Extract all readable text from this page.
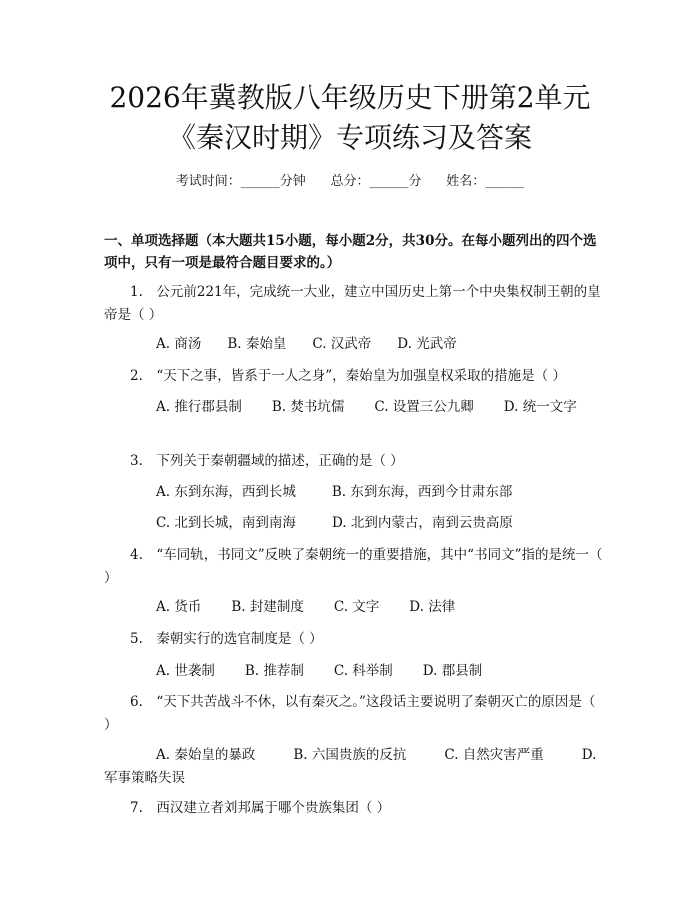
2026年冀教版八年级历史下册第2单元《秦汉时期》专项练习及答案
考试时间：______分钟      总分：______分      姓名：______

一、单项选择题（本大题共15小题，每小题2分，共30分。在每小题列出的四个选项中，只有一项是最符合题目要求的。）

1.　公元前221年，完成统一大业，建立中国历史上第一个中央集权制王朝的皇帝是（ ）

A. 商汤 B. 秦始皇 C. 汉武帝 D. 光武帝

2.　“天下之事，皆系于一人之身”，秦始皇为加强皇权采取的措施是（ ）

A. 推行郡县制 B. 焚书坑儒 C. 设置三公九卿 D. 统一文字

3.　下列关于秦朝疆域的描述，正确的是（ ）

A. 东到东海，西到长城	B. 东到东海，西到今甘肃东部

C. 北到长城，南到南海	D. 北到内蒙古，南到云贵高原

4.　“车同轨，书同文”反映了秦朝统一的重要措施，其中“书同文”指的是统一（ ）

A. 货币 B. 封建制度 C. 文字 D. 法律

5.　秦朝实行的选官制度是（ ）

A. 世袭制 B. 推荐制 C. 科举制 D. 郡县制

6.　“天下共苦战斗不休，以有秦灭之。”这段话主要说明了秦朝灭亡的原因是（ ）

A. 秦始皇的暴政	B. 六国贵族的反抗	C. 自然灾害严重	D. 军事策略失误

7.　西汉建立者刘邦属于哪个贵族集团（ ）
